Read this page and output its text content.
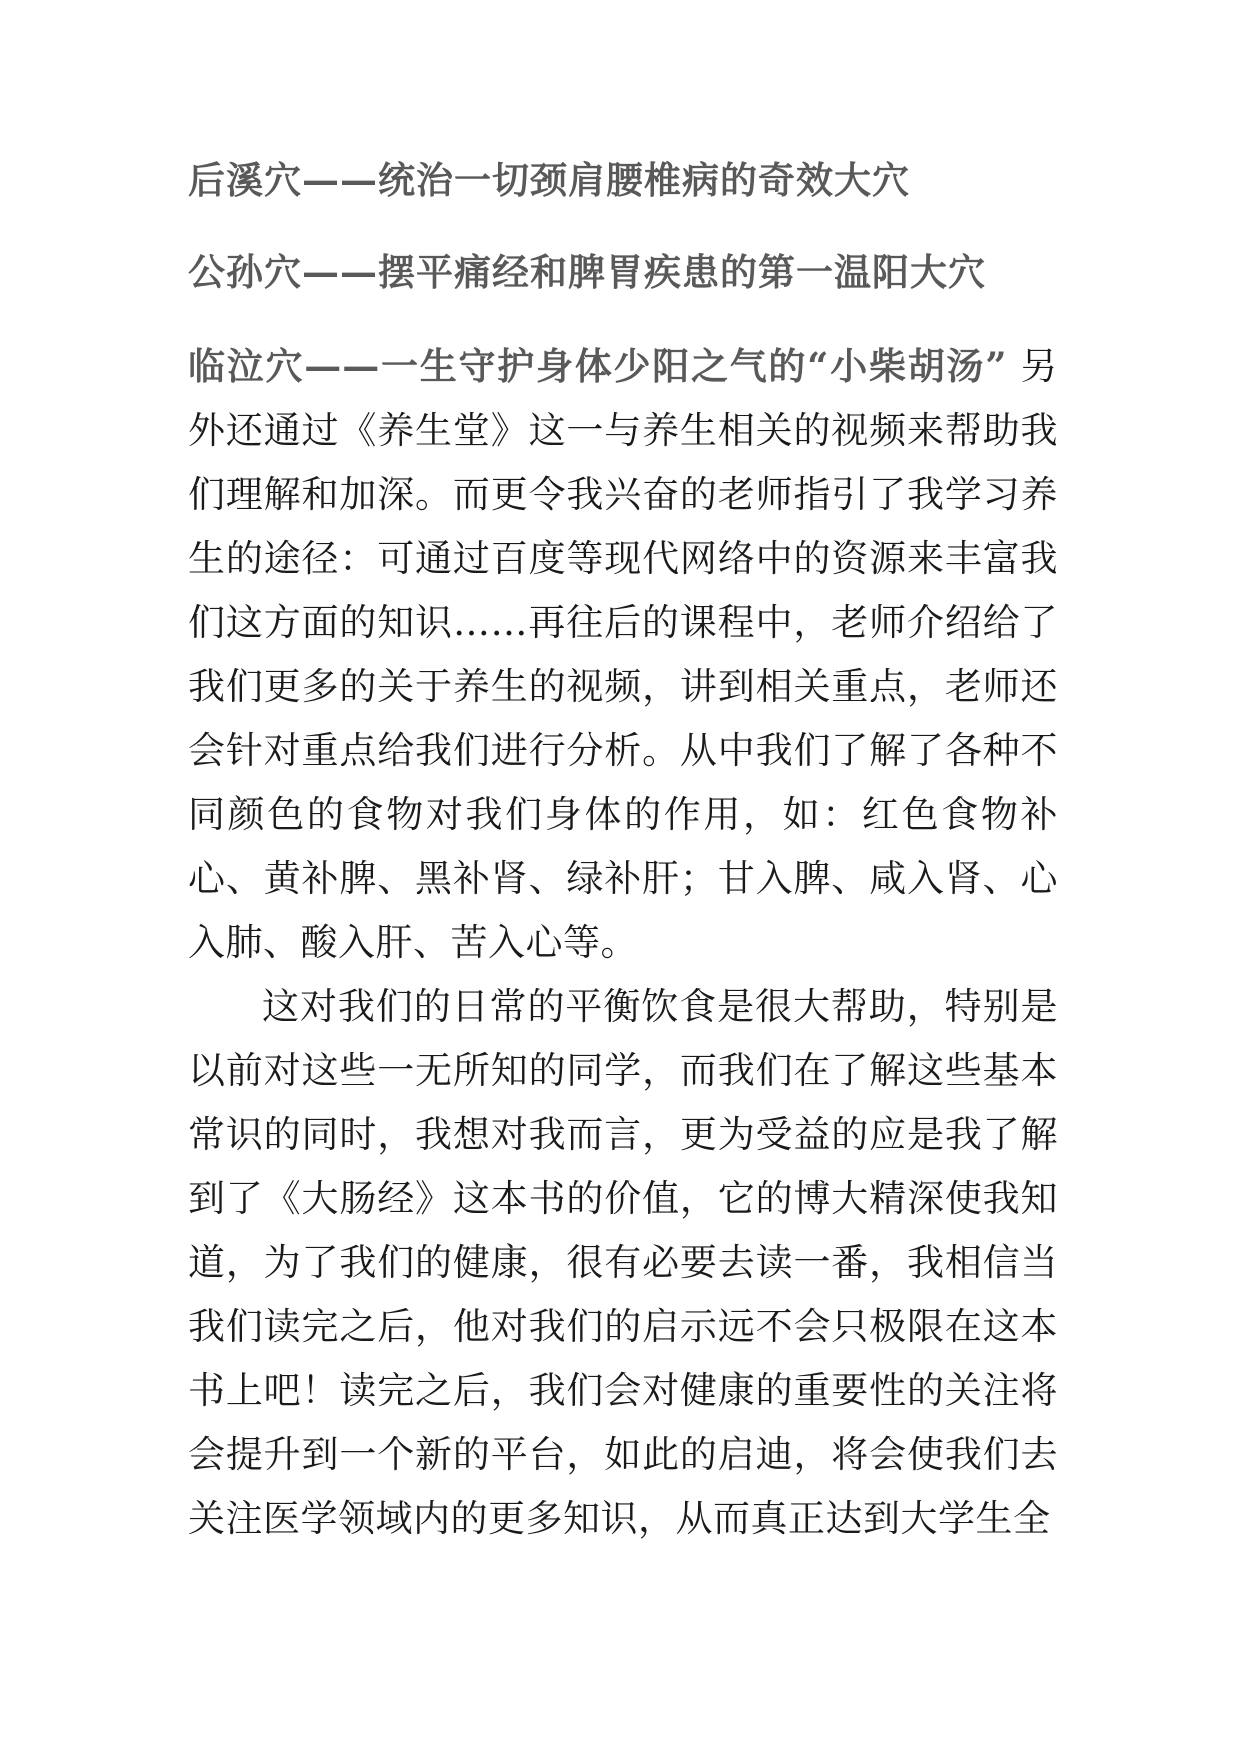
后溪穴——统治一切颈肩腰椎病的奇效大穴
公孙穴——摆平痛经和脾胃疾患的第一温阳大穴

临泣穴——一生守护身体少阳之气的“小柴胡汤” 另外还通过《养生堂》这一与养生相关的视频来帮助我们理解和加深。而更令我兴奋的老师指引了我学习养生的途径：可通过百度等现代网络中的资源来丰富我们这方面的知识……再往后的课程中，老师介绍给了我们更多的关于养生的视频，讲到相关重点，老师还会针对重点给我们进行分析。从中我们了解了各种不同颜色的食物对我们身体的作用，如：红色食物补心、黄补脾、黑补肾、绿补肝；甘入脾、咸入肾、心入肺、酸入肝、苦入心等。

这对我们的日常的平衡饮食是很大帮助，特别是以前对这些一无所知的同学，而我们在了解这些基本常识的同时，我想对我而言，更为受益的应是我了解到了《大肠经》这本书的价值，它的博大精深使我知道，为了我们的健康，很有必要去读一番，我相信当我们读完之后，他对我们的启示远不会只极限在这本书上吧！读完之后，我们会对健康的重要性的关注将会提升到一个新的平台，如此的启迪，将会使我们去关注医学领域内的更多知识，从而真正达到大学生全
